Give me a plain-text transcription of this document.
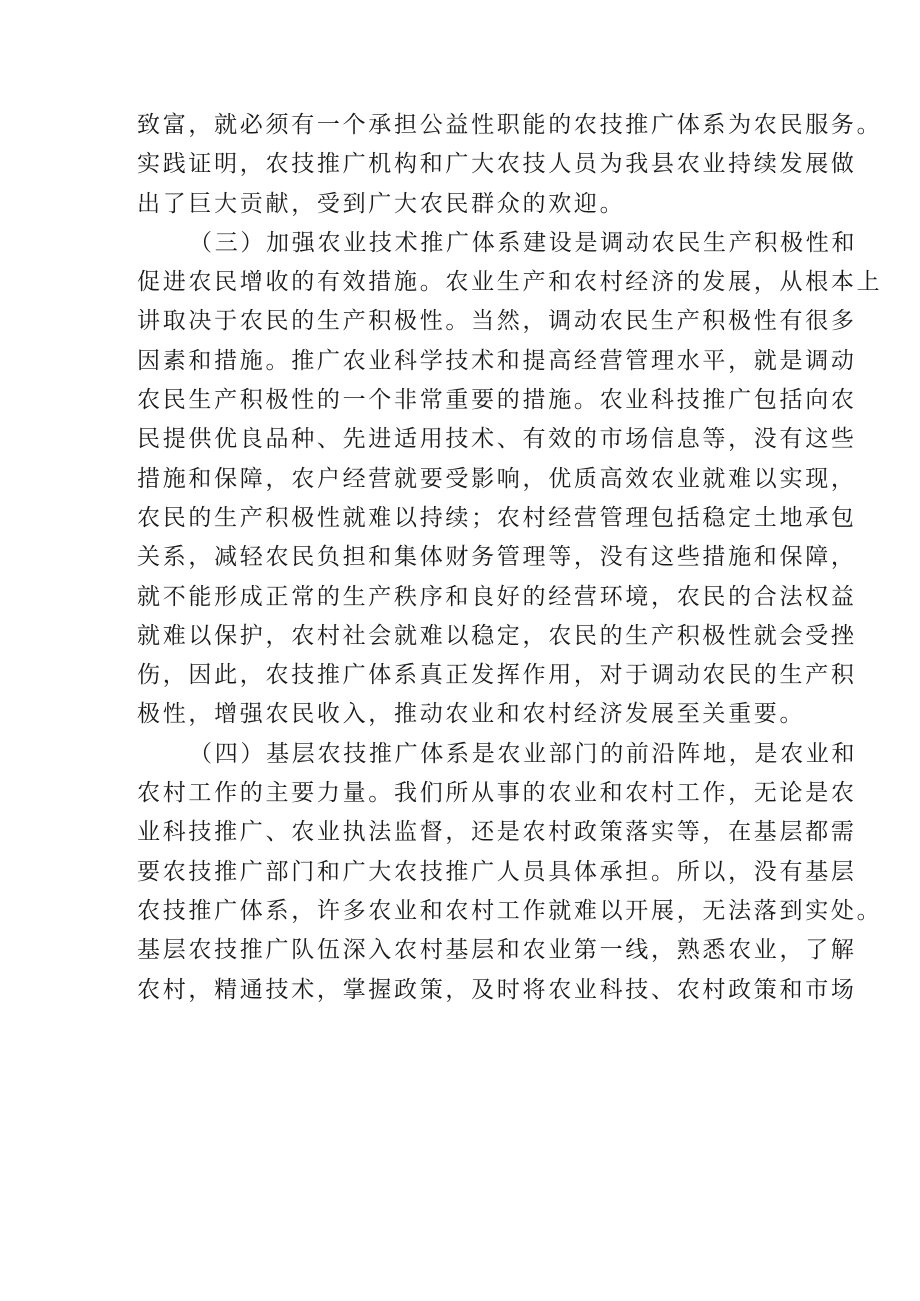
致富，就必须有一个承担公益性职能的农技推广体系为农民服务。
实践证明，农技推广机构和广大农技人员为我县农业持续发展做
出了巨大贡献，受到广大农民群众的欢迎。
（三）加强农业技术推广体系建设是调动农民生产积极性和
促进农民增收的有效措施。农业生产和农村经济的发展，从根本上
讲取决于农民的生产积极性。当然，调动农民生产积极性有很多
因素和措施。推广农业科学技术和提高经营管理水平，就是调动
农民生产积极性的一个非常重要的措施。农业科技推广包括向农
民提供优良品种、先进适用技术、有效的市场信息等，没有这些
措施和保障，农户经营就要受影响，优质高效农业就难以实现，
农民的生产积极性就难以持续；农村经营管理包括稳定土地承包
关系，减轻农民负担和集体财务管理等，没有这些措施和保障，
就不能形成正常的生产秩序和良好的经营环境，农民的合法权益
就难以保护，农村社会就难以稳定，农民的生产积极性就会受挫
伤，因此，农技推广体系真正发挥作用，对于调动农民的生产积
极性，增强农民收入，推动农业和农村经济发展至关重要。
（四）基层农技推广体系是农业部门的前沿阵地，是农业和
农村工作的主要力量。我们所从事的农业和农村工作，无论是农
业科技推广、农业执法监督，还是农村政策落实等，在基层都需
要农技推广部门和广大农技推广人员具体承担。所以，没有基层
农技推广体系，许多农业和农村工作就难以开展，无法落到实处。
基层农技推广队伍深入农村基层和农业第一线，熟悉农业，了解
农村，精通技术，掌握政策，及时将农业科技、农村政策和市场
